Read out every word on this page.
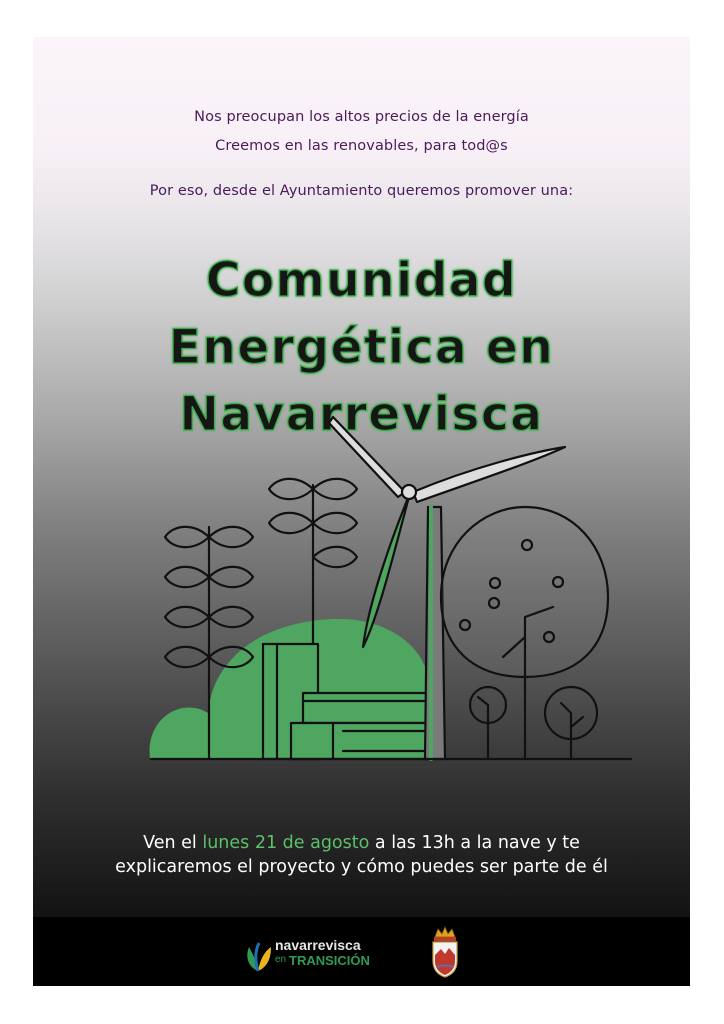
Nos preocupan los altos precios de la energía
Creemos en las renovables, para tod@s
Por eso, desde el Ayuntamiento queremos promover una:
Comunidad
Energética en
Navarrevisca
Ven el lunes 21 de agosto a las 13h a la nave y te
explicaremos el proyecto y cómo puedes ser parte de él
navarrevisca
en TRANSICIÓN
